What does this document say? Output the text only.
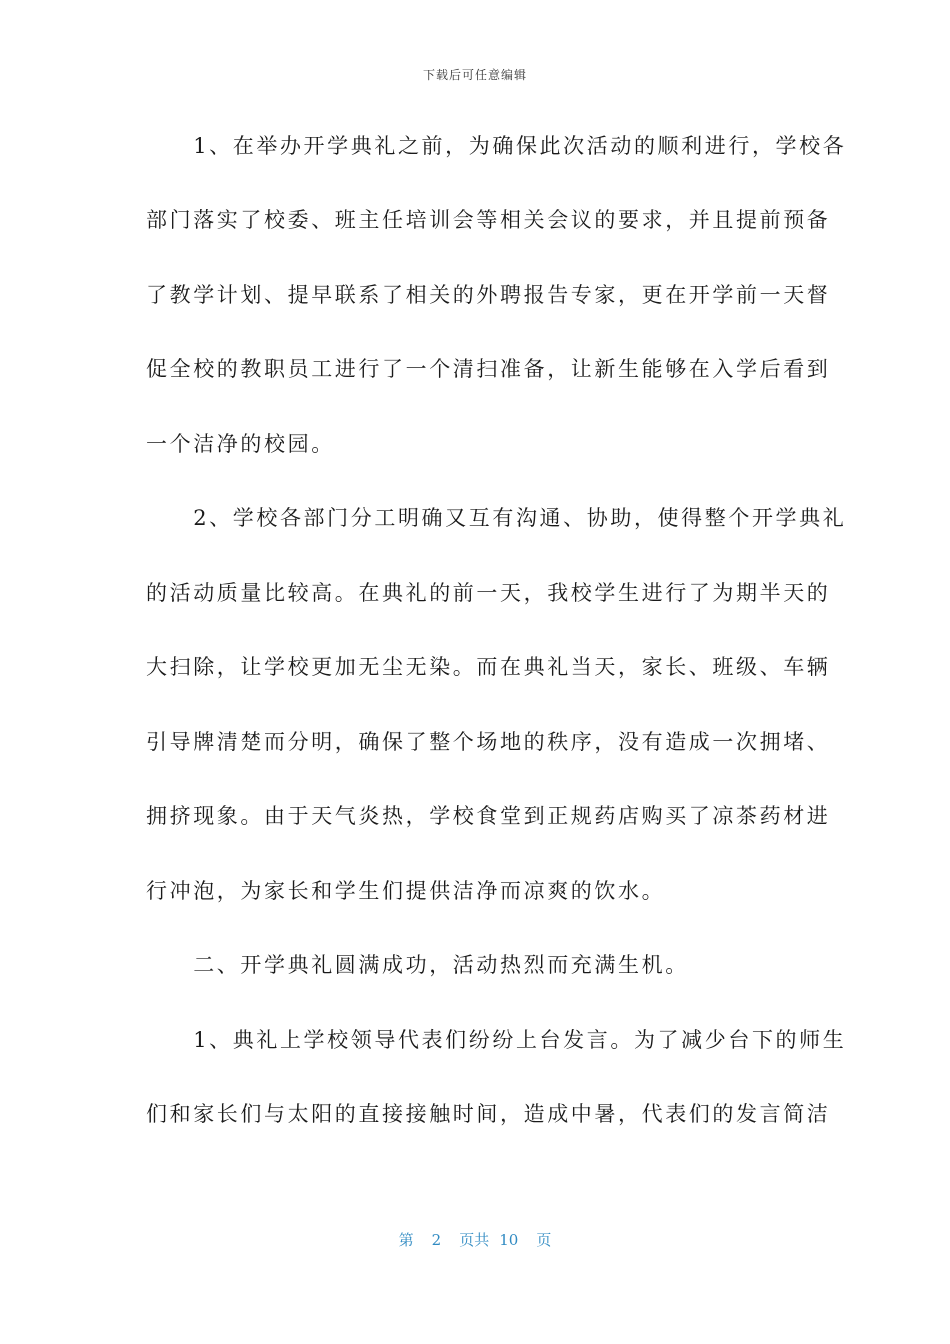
下载后可任意编辑
　　1、在举办开学典礼之前，为确保此次活动的顺利进行，学校各
部门落实了校委、班主任培训会等相关会议的要求，并且提前预备
了教学计划、提早联系了相关的外聘报告专家，更在开学前一天督
促全校的教职员工进行了一个清扫准备，让新生能够在入学后看到
一个洁净的校园。
　　2、学校各部门分工明确又互有沟通、协助，使得整个开学典礼
的活动质量比较高。在典礼的前一天，我校学生进行了为期半天的
大扫除，让学校更加无尘无染。而在典礼当天，家长、班级、车辆
引导牌清楚而分明，确保了整个场地的秩序，没有造成一次拥堵、
拥挤现象。由于天气炎热，学校食堂到正规药店购买了凉茶药材进
行冲泡，为家长和学生们提供洁净而凉爽的饮水。
　　二、开学典礼圆满成功，活动热烈而充满生机。
　　1、典礼上学校领导代表们纷纷上台发言。为了减少台下的师生
们和家长们与太阳的直接接触时间，造成中暑，代表们的发言简洁
第 2 页共 10 页
